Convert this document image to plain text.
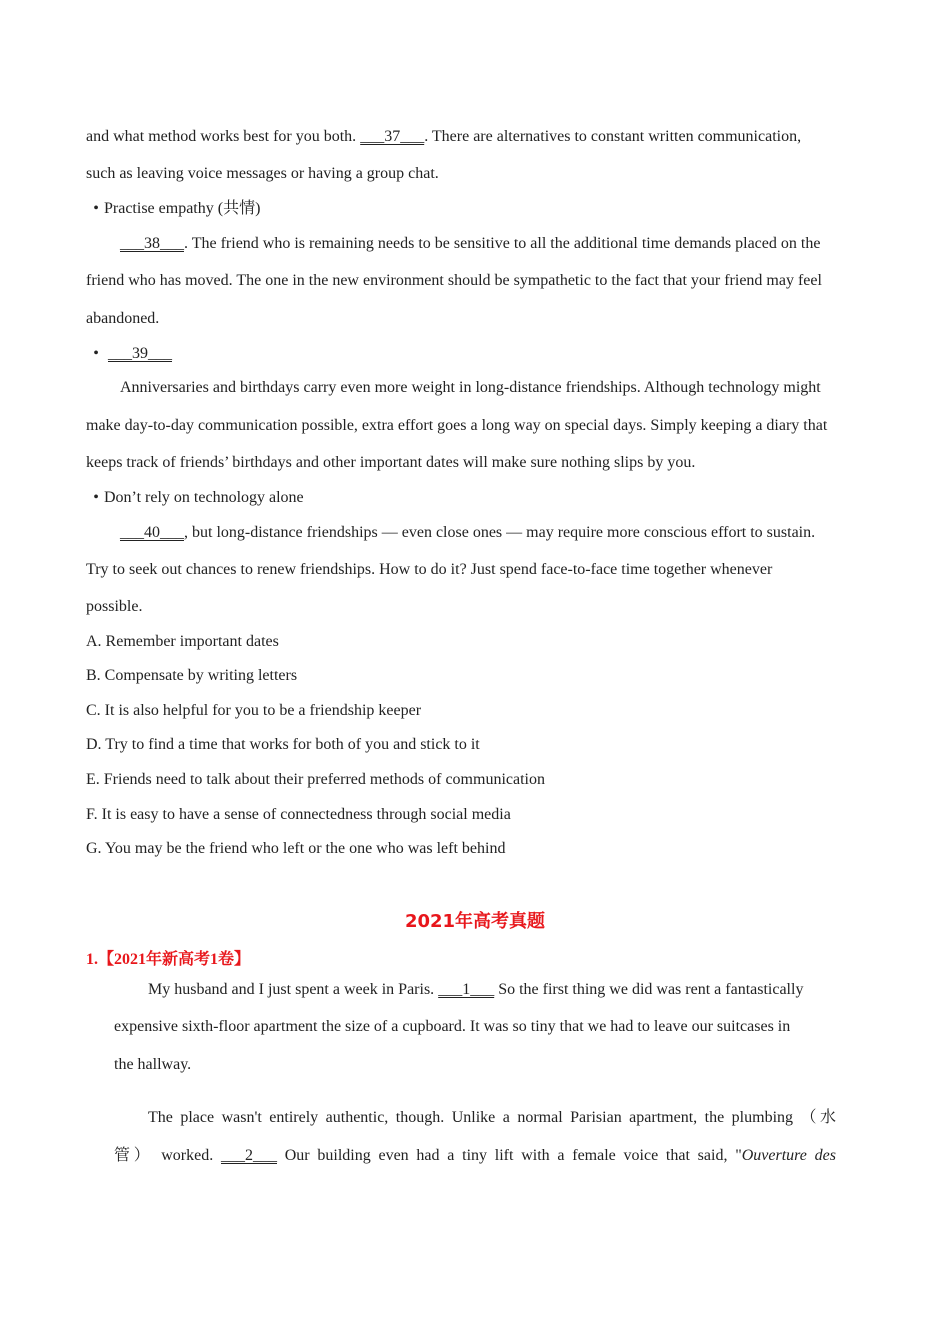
and what method works best for you both. ___37___. There are alternatives to constant written communication,
such as leaving voice messages or having a group chat.
• Practise empathy (共情)
___38___. The friend who is remaining needs to be sensitive to all the additional time demands placed on the
friend who has moved. The one in the new environment should be sympathetic to the fact that your friend may feel
abandoned.
• ___39___
Anniversaries and birthdays carry even more weight in long-distance friendships. Although technology might
make day-to-day communication possible, extra effort goes a long way on special days. Simply keeping a diary that
keeps track of friends’ birthdays and other important dates will make sure nothing slips by you.
• Don’t rely on technology alone
___40___, but long-distance friendships — even close ones — may require more conscious effort to sustain.
Try to seek out chances to renew friendships. How to do it? Just spend face-to-face time together whenever
possible.
A. Remember important dates
B. Compensate by writing letters
C. It is also helpful for you to be a friendship keeper
D. Try to find a time that works for both of you and stick to it
E. Friends need to talk about their preferred methods of communication
F. It is easy to have a sense of connectedness through social media
G. You may be the friend who left or the one who was left behind
2021年高考真题
1.【2021年新高考1卷】
My husband and I just spent a week in Paris. ___1___ So the first thing we did was rent a fantastically
expensive sixth-floor apartment the size of a cupboard. It was so tiny that we had to leave our suitcases in
the hallway.
The place wasn't entirely authentic, though. Unlike a normal Parisian apartment, the plumbing （水
管） worked. ___2___ Our building even had a tiny lift with a female voice that said, "Ouverture des
